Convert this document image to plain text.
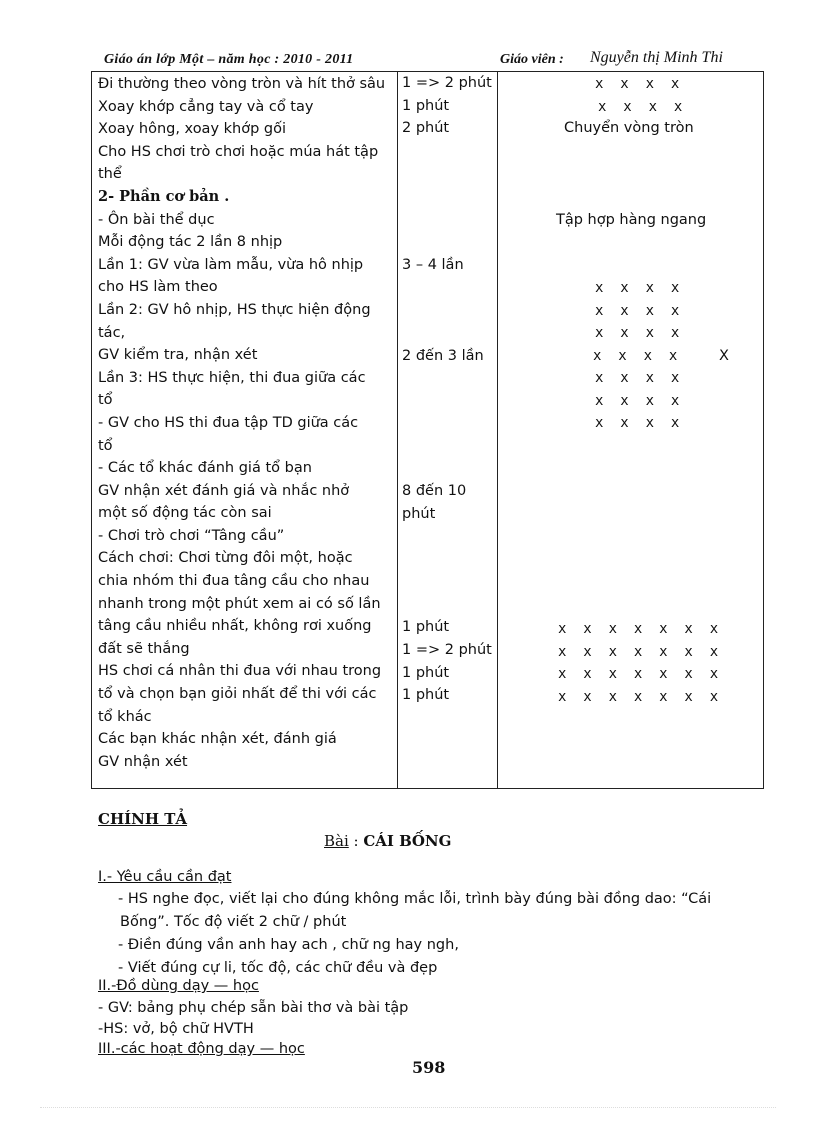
Giáo án lớp Một – năm học : 2010 - 2011	Giáo viên : Nguyễn thị Minh Thi
Đi thường theo vòng tròn và hít thở sâu
Xoay khớp cẳng tay và cổ tay
Xoay hông, xoay khớp gối
Cho HS chơi trò chơi hoặc múa hát tập
thể
2- Phần cơ bản .
- Ôn bài thể dục
Mỗi động tác 2 lần 8 nhịp
Lần 1: GV vừa làm mẫu, vừa hô nhịp
cho HS làm theo
Lần 2: GV hô nhịp, HS thực hiện động
tác,
GV kiểm tra, nhận xét
Lần 3: HS thực hiện, thi đua giữa các
tổ
- GV cho HS thi đua tập TD giữa các
tổ
- Các tổ khác đánh giá tổ bạn
GV nhận xét đánh giá và nhắc nhở
một số động tác còn sai
- Chơi trò chơi “Tâng cầu”
Cách chơi: Chơi từng đôi một, hoặc
chia nhóm thi đua tâng cầu cho nhau
nhanh trong một phút xem ai có số lần
tâng cầu nhiều nhất, không rơi xuống
đất sẽ thắng
HS chơi cá nhân thi đua với nhau trong
tổ và chọn bạn giỏi nhất để thi với các
tổ khác
Các bạn khác nhận xét, đánh giá
GV nhận xét
1 => 2 phút
1 phút
2 phút
3 – 4 lần
2 đến 3 lần
8 đến 10
phút
1 phút
1 => 2 phút
1 phút
1 phút
x  x  x  x
x  x  x  x
Chuyển vòng tròn
Tập hợp hàng ngang
x  x  x  x
x  x  x  x
x  x  x  x
x  x  x  x	X
x  x  x  x
x  x  x  x
x  x  x  x
x  x  x  x  x  x  x
x  x  x  x  x  x  x
x  x  x  x  x  x  x
x  x  x  x  x  x  x
CHÍNH TẢ
Bài : CÁI BỐNG
I.- Yêu cầu cần đạt
- HS nghe đọc, viết lại cho đúng không mắc lỗi, trình bày đúng bài đồng dao: “Cái
Bống”. Tốc độ viết 2 chữ / phút
- Điền đúng vần anh hay ach , chữ ng hay ngh,
- Viết đúng cự li, tốc độ, các chữ đều và đẹp
II.-Đồ dùng dạy — học
- GV: bảng phụ chép sẵn bài thơ và bài tập
-HS: vở, bộ chữ HVTH
III.-các hoạt động dạy — học
598
